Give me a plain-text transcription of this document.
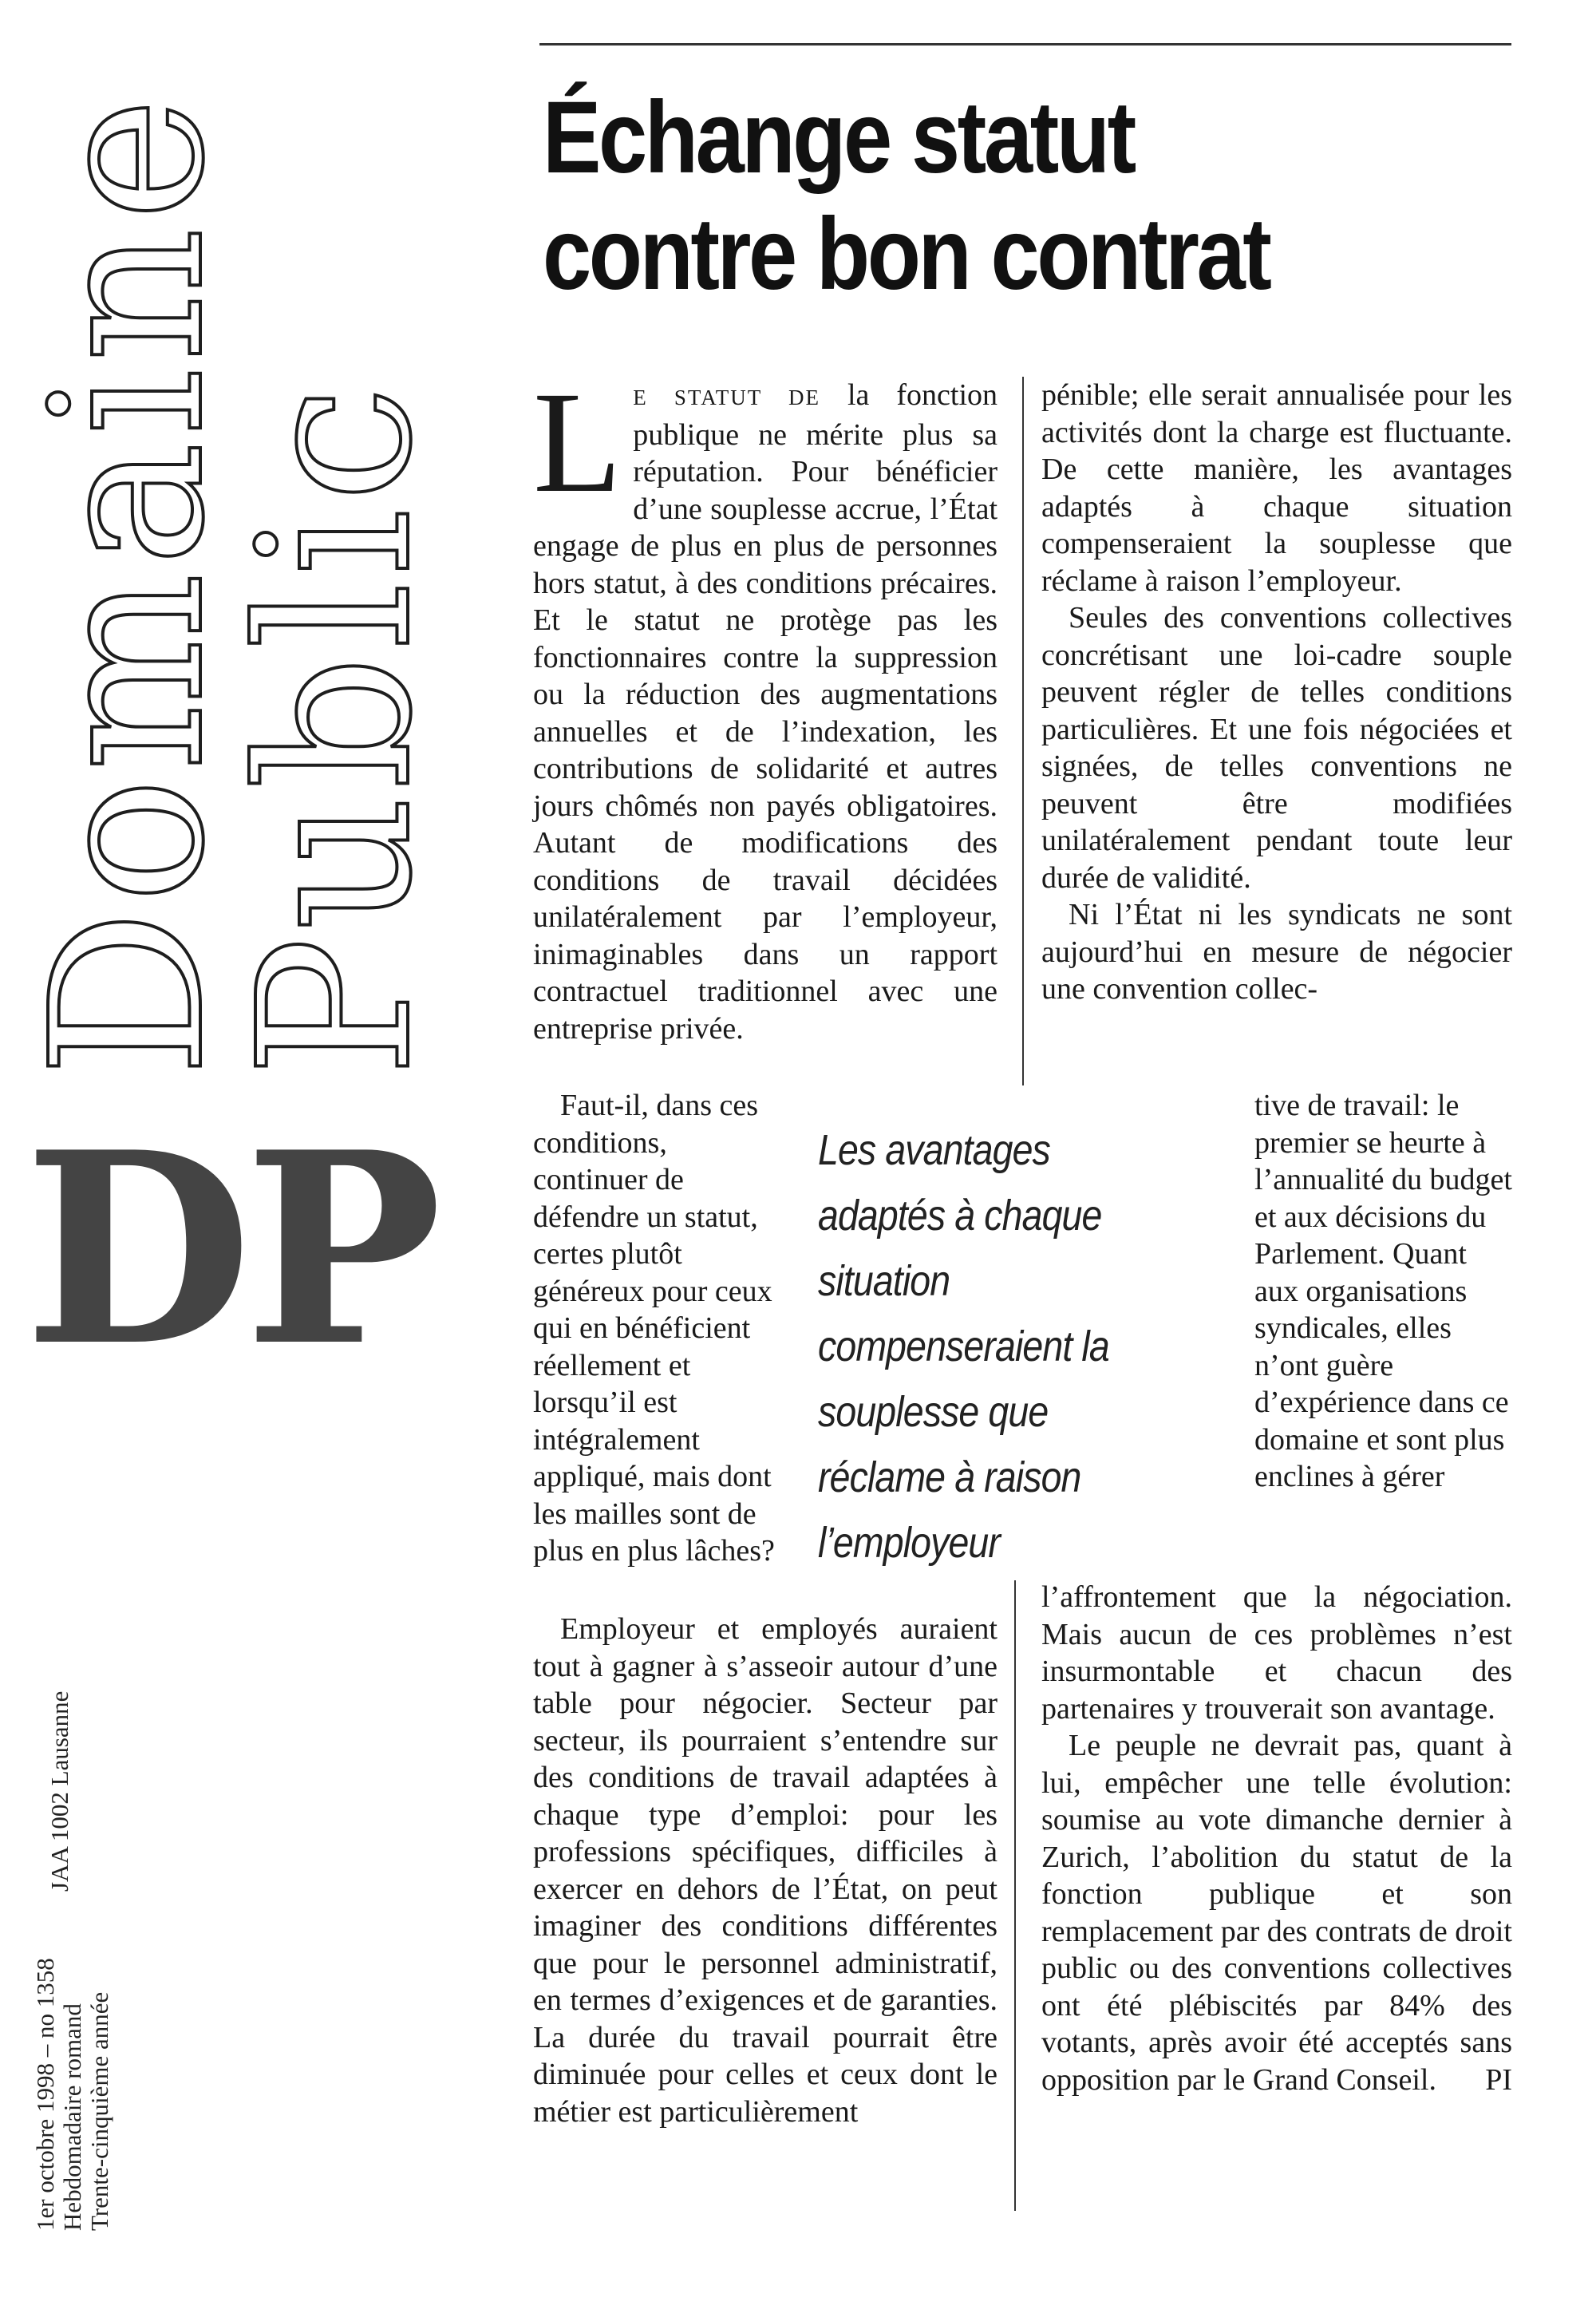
Domaine
Public
DP
JAA 1002 Lausanne
1er octobre 1998 – no 1358 Hebdomadaire romand Trente-cinquième année
Échange statut
contre bon contrat

LE STATUT DE la fonction publique ne mérite plus sa réputation. Pour bénéficier d’une souplesse accrue, l’État engage de plus en plus de personnes hors statut, à des conditions précaires. Et le statut ne protège pas les fonctionnaires contre la suppression ou la réduction des augmentations annuelles et de l’indexation, les contributions de solidarité et autres jours chômés non payés obligatoires. Autant de modifications des conditions de travail décidées unilatéralement par l’employeur, inimaginables dans un rapport contractuel traditionnel avec une entreprise privée.

Faut-il, dans ces conditions, continuer de défendre un statut, certes plutôt généreux pour ceux qui en bénéficient réellement et lorsqu’il est intégralement appliqué, mais dont les mailles sont de plus en plus lâches?

Employeur et employés auraient tout à gagner à s’asseoir autour d’une table pour négocier. Secteur par secteur, ils pourraient s’entendre sur des conditions de travail adaptées à chaque type d’emploi: pour les professions spécifiques, difficiles à exercer en dehors de l’État, on peut imaginer des conditions différentes que pour le personnel administratif, en termes d’exigences et de garanties. La durée du travail pourrait être diminuée pour celles et ceux dont le métier est particulièrement

pénible; elle serait annualisée pour les activités dont la charge est fluctuante. De cette manière, les avantages adaptés à chaque situation compenseraient la souplesse que réclame à raison l’employeur.

Seules des conventions collectives concrétisant une loi-cadre souple peuvent régler de telles conditions particulières. Et une fois négociées et signées, de telles conventions ne peuvent être modifiées unilatéralement pendant toute leur durée de validité.

Ni l’État ni les syndicats ne sont aujourd’hui en mesure de négocier une convention collec-

tive de travail: le premier se heurte à l’annualité du budget et aux décisions du Parlement. Quant aux organisations syndicales, elles n’ont guère d’expérience dans ce domaine et sont plus enclines à gérer

l’affrontement que la négociation. Mais aucun de ces problèmes n’est insurmontable et chacun des partenaires y trouverait son avantage.

Le peuple ne devrait pas, quant à lui, empêcher une telle évolution: soumise au vote dimanche dernier à Zurich, l’abolition du statut de la fonction publique et son remplacement par des contrats de droit public ou des conventions collectives ont été plébiscités par 84% des votants, après avoir été acceptés sans opposition par le Grand Conseil.	PI
Les avantages adaptés à chaque situation compenseraient la souplesse que réclame à raison l’employeur
